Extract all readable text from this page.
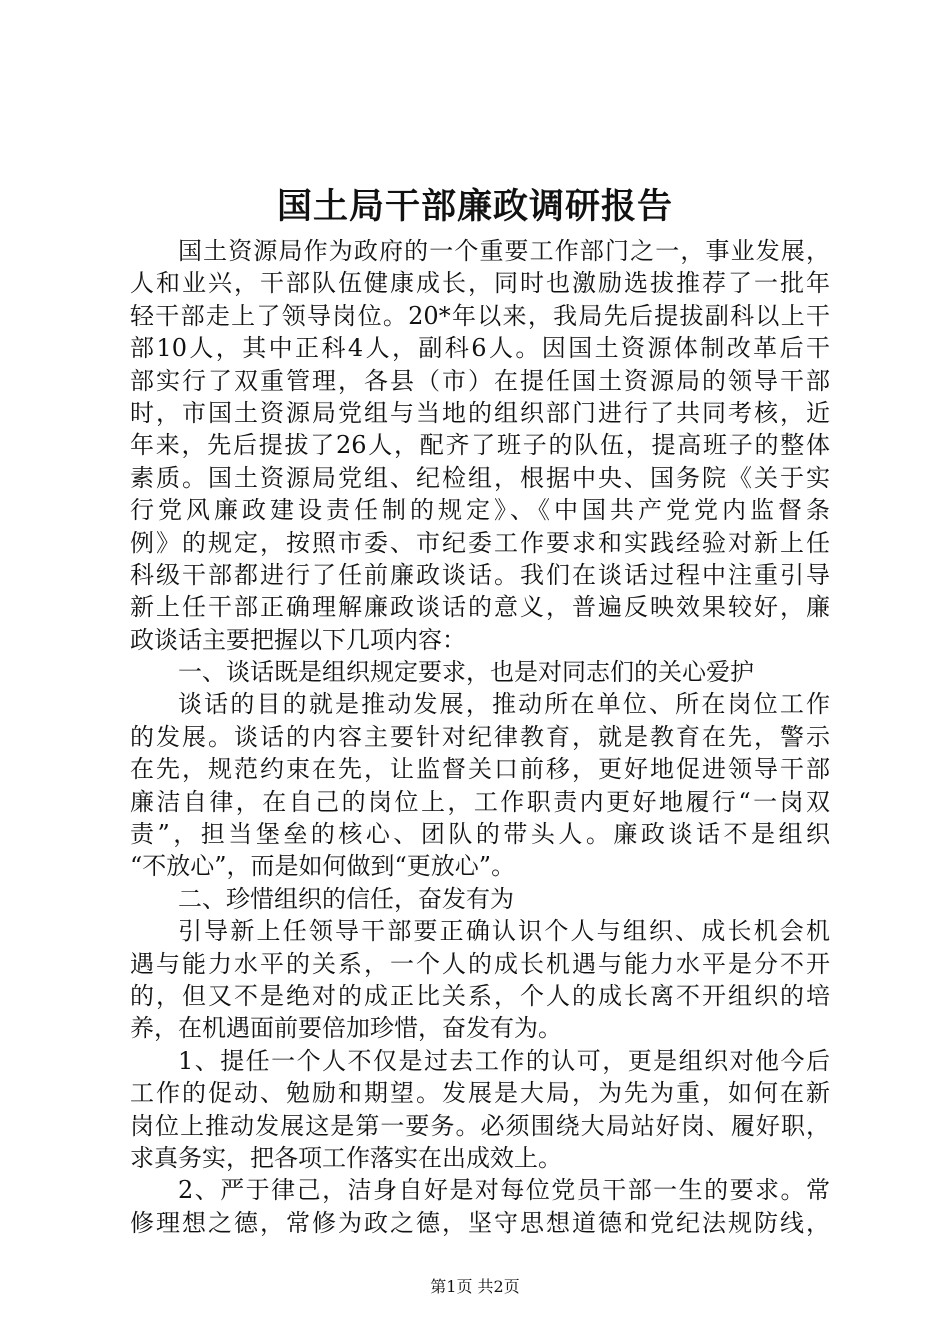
国土局干部廉政调研报告
国土资源局作为政府的一个重要工作部门之一，事业发展，
人和业兴，干部队伍健康成长，同时也激励选拔推荐了一批年
轻干部走上了领导岗位。20*年以来，我局先后提拔副科以上干
部10人，其中正科4人，副科6人。因国土资源体制改革后干
部实行了双重管理，各县（市）在提任国土资源局的领导干部
时，市国土资源局党组与当地的组织部门进行了共同考核，近
年来，先后提拔了26人，配齐了班子的队伍，提高班子的整体
素质。国土资源局党组、纪检组，根据中央、国务院《关于实
行党风廉政建设责任制的规定》、《中国共产党党内监督条
例》的规定，按照市委、市纪委工作要求和实践经验对新上任
科级干部都进行了任前廉政谈话。我们在谈话过程中注重引导
新上任干部正确理解廉政谈话的意义，普遍反映效果较好，廉
政谈话主要把握以下几项内容：
一、谈话既是组织规定要求，也是对同志们的关心爱护
谈话的目的就是推动发展，推动所在单位、所在岗位工作
的发展。谈话的内容主要针对纪律教育，就是教育在先，警示
在先，规范约束在先，让监督关口前移，更好地促进领导干部
廉洁自律，在自己的岗位上，工作职责内更好地履行“一岗双
责”，担当堡垒的核心、团队的带头人。廉政谈话不是组织
“不放心”，而是如何做到“更放心”。
二、珍惜组织的信任，奋发有为
引导新上任领导干部要正确认识个人与组织、成长机会机
遇与能力水平的关系，一个人的成长机遇与能力水平是分不开
的，但又不是绝对的成正比关系，个人的成长离不开组织的培
养，在机遇面前要倍加珍惜，奋发有为。
1、提任一个人不仅是过去工作的认可，更是组织对他今后
工作的促动、勉励和期望。发展是大局，为先为重，如何在新
岗位上推动发展这是第一要务。必须围绕大局站好岗、履好职，
求真务实，把各项工作落实在出成效上。
2、严于律己，洁身自好是对每位党员干部一生的要求。常
修理想之德，常修为政之德，坚守思想道德和党纪法规防线，
第1页 共2页
